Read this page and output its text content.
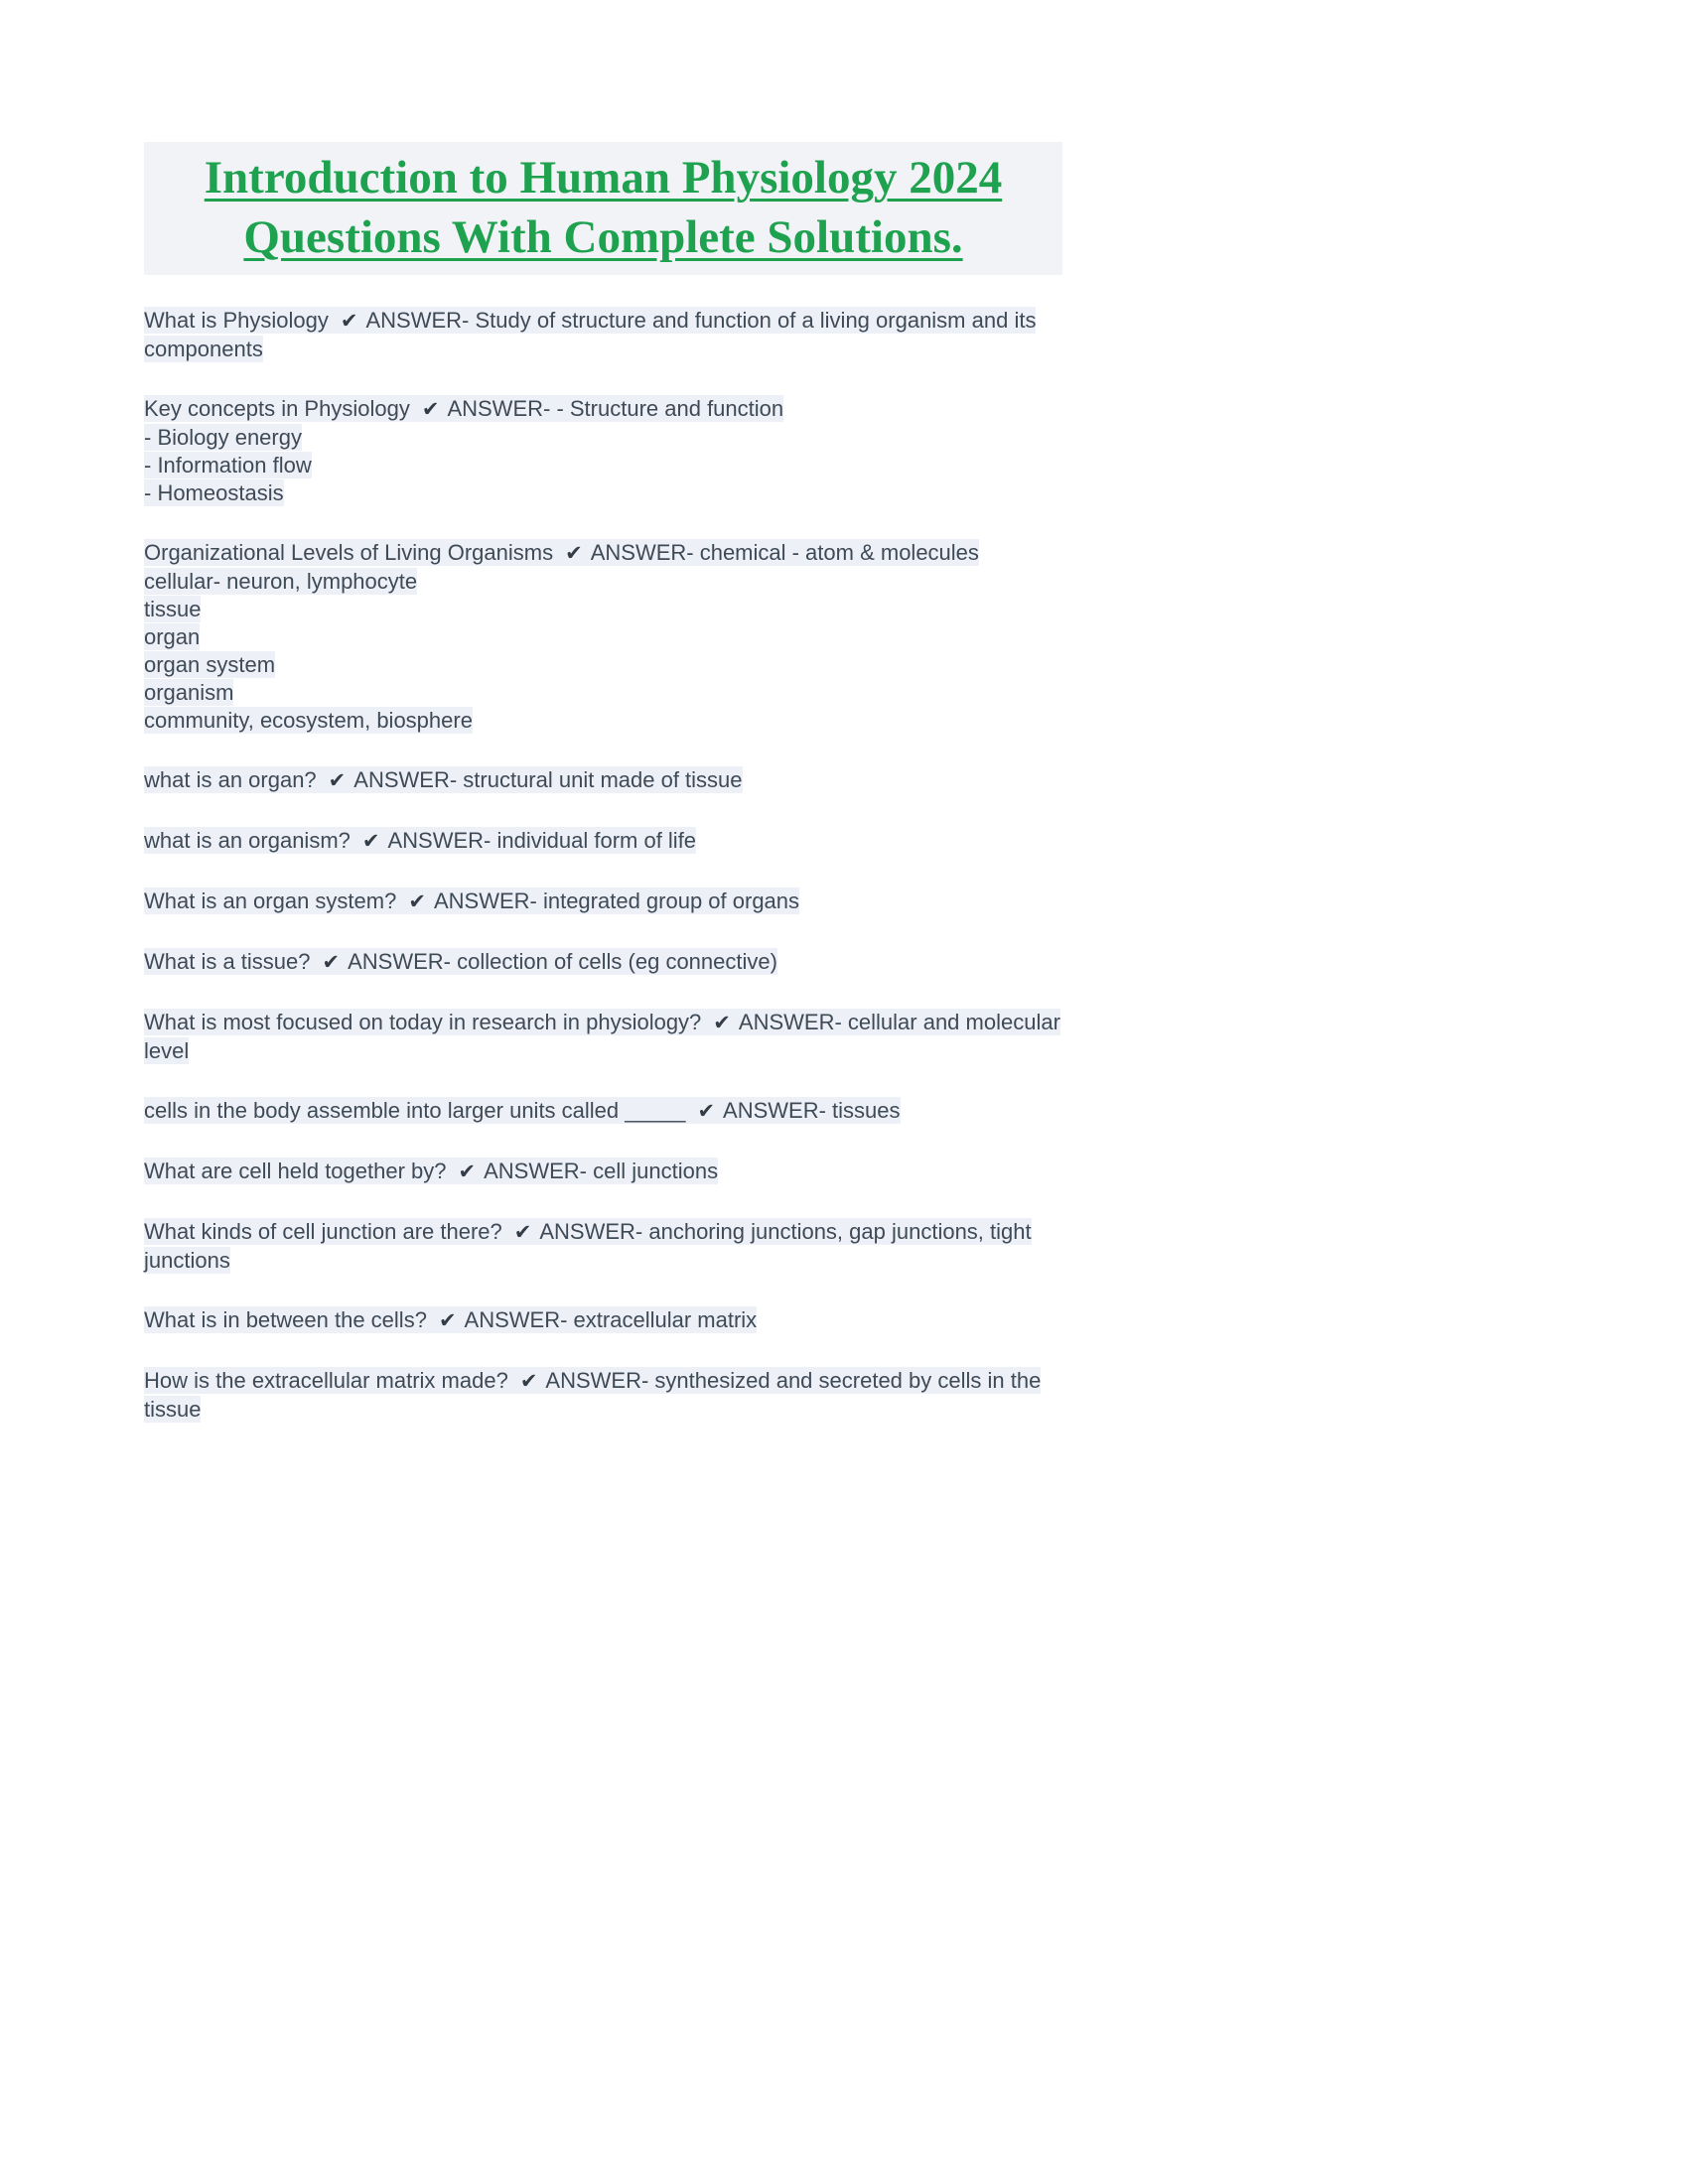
Introduction to Human Physiology 2024
Questions With Complete Solutions.

What is Physiology ✔ ANSWER- Study of structure and function of a living organism and its components

Key concepts in Physiology ✔ ANSWER- - Structure and function
- Biology energy
- Information flow
- Homeostasis

Organizational Levels of Living Organisms ✔ ANSWER- chemical - atom & molecules
cellular- neuron, lymphocyte
tissue
organ
organ system
organism
community, ecosystem, biosphere

what is an organ? ✔ ANSWER- structural unit made of tissue

what is an organism? ✔ ANSWER- individual form of life

What is an organ system? ✔ ANSWER- integrated group of organs

What is a tissue? ✔ ANSWER- collection of cells (eg connective)

What is most focused on today in research in physiology? ✔ ANSWER- cellular and molecular level

cells in the body assemble into larger units called _____ ✔ ANSWER- tissues

What are cell held together by? ✔ ANSWER- cell junctions

What kinds of cell junction are there? ✔ ANSWER- anchoring junctions, gap junctions, tight junctions

What is in between the cells? ✔ ANSWER- extracellular matrix

How is the extracellular matrix made? ✔ ANSWER- synthesized and secreted by cells in the tissue
